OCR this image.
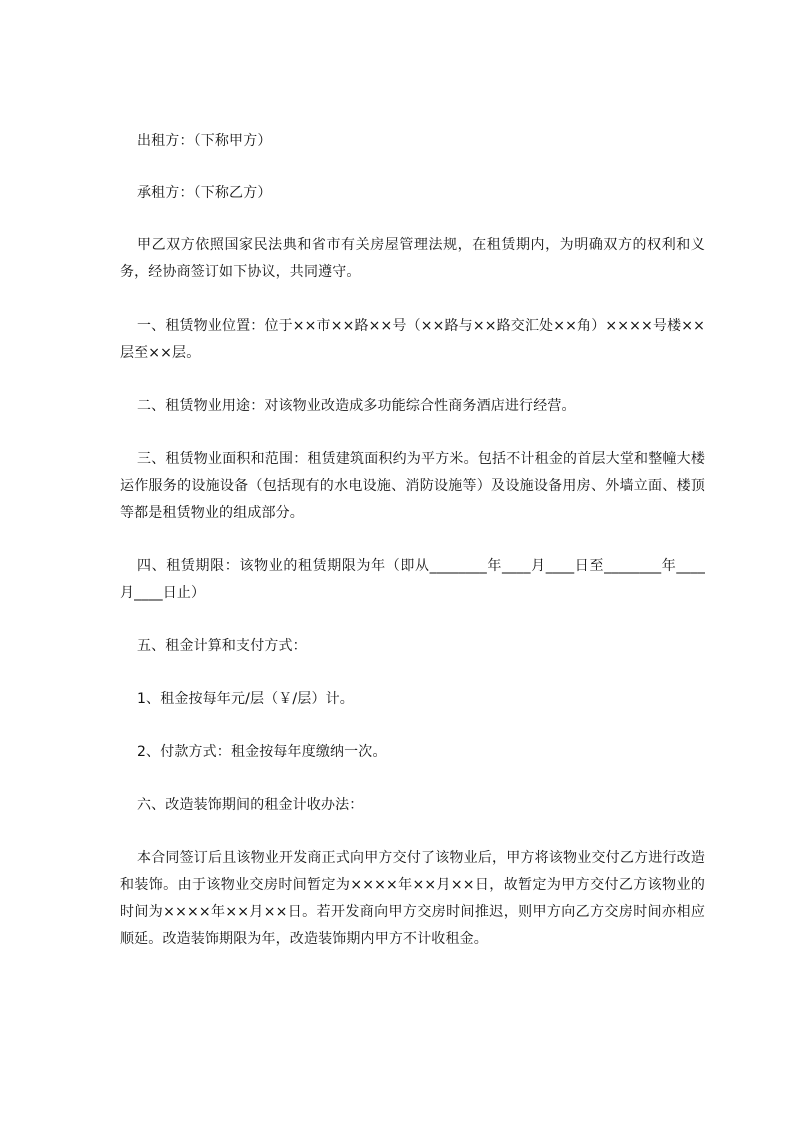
出租方：（下称甲方）

承租方：（下称乙方）

甲乙双方依照国家民法典和省市有关房屋管理法规，在租赁期内，为明确双方的权利和义务，经协商签订如下协议，共同遵守。

一、租赁物业位置：位于××市××路××号（××路与××路交汇处××角）××××号楼××层至××层。

二、租赁物业用途：对该物业改造成多功能综合性商务酒店进行经营。

三、租赁物业面积和范围：租赁建筑面积约为平方米。包括不计租金的首层大堂和整幢大楼运作服务的设施设备（包括现有的水电设施、消防设施等）及设施设备用房、外墙立面、楼顶等都是租赁物业的组成部分。

四、租赁期限：该物业的租赁期限为年（即从________年____月____日至________年____月____日止）

五、租金计算和支付方式：

1、租金按每年元/层（￥/层）计。

2、付款方式：租金按每年度缴纳一次。

六、改造装饰期间的租金计收办法：

本合同签订后且该物业开发商正式向甲方交付了该物业后，甲方将该物业交付乙方进行改造和装饰。由于该物业交房时间暂定为××××年××月××日，故暂定为甲方交付乙方该物业的时间为××××年××月××日。若开发商向甲方交房时间推迟，则甲方向乙方交房时间亦相应顺延。改造装饰期限为年，改造装饰期内甲方不计收租金。
